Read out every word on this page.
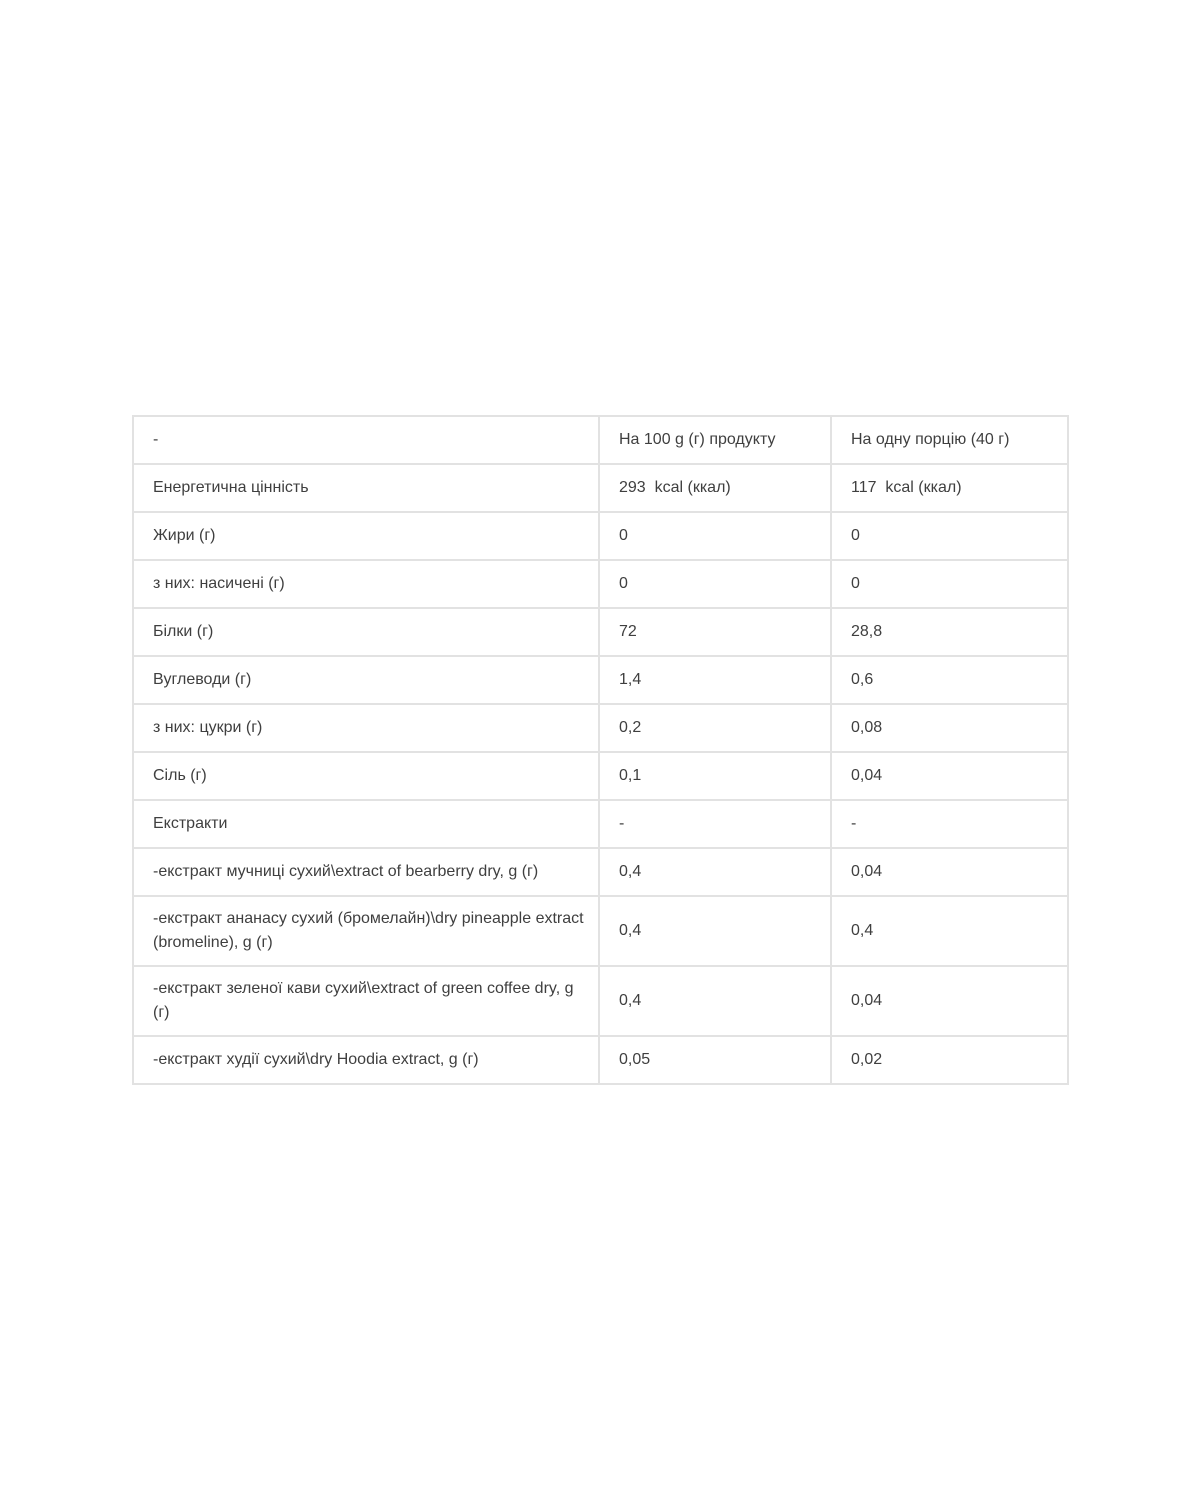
-	На 100 g (г) продукту	На одну порцію (40 г)
Енергетична цінність	293  kcal (ккал)	117  kcal (ккал)
Жири (г)	0	0
з них: насичені (г)	0	0
Білки (г)	72	28,8
Вуглеводи (г)	1,4	0,6
з них: цукри (г)	0,2	0,08
Сіль (г)	0,1	0,04
Екстракти	-	-
-екстракт мучниці сухий\extract of bearberry dry, g (г)	0,4	0,04
-екстракт ананасу сухий (бромелайн)\dry pineapple extract (bromeline), g (г)	0,4	0,4
-екстракт зеленої кави сухий\extract of green coffee dry, g (г)	0,4	0,04
-екстракт худії сухий\dry Hoodia extract, g (г)	0,05	0,02
